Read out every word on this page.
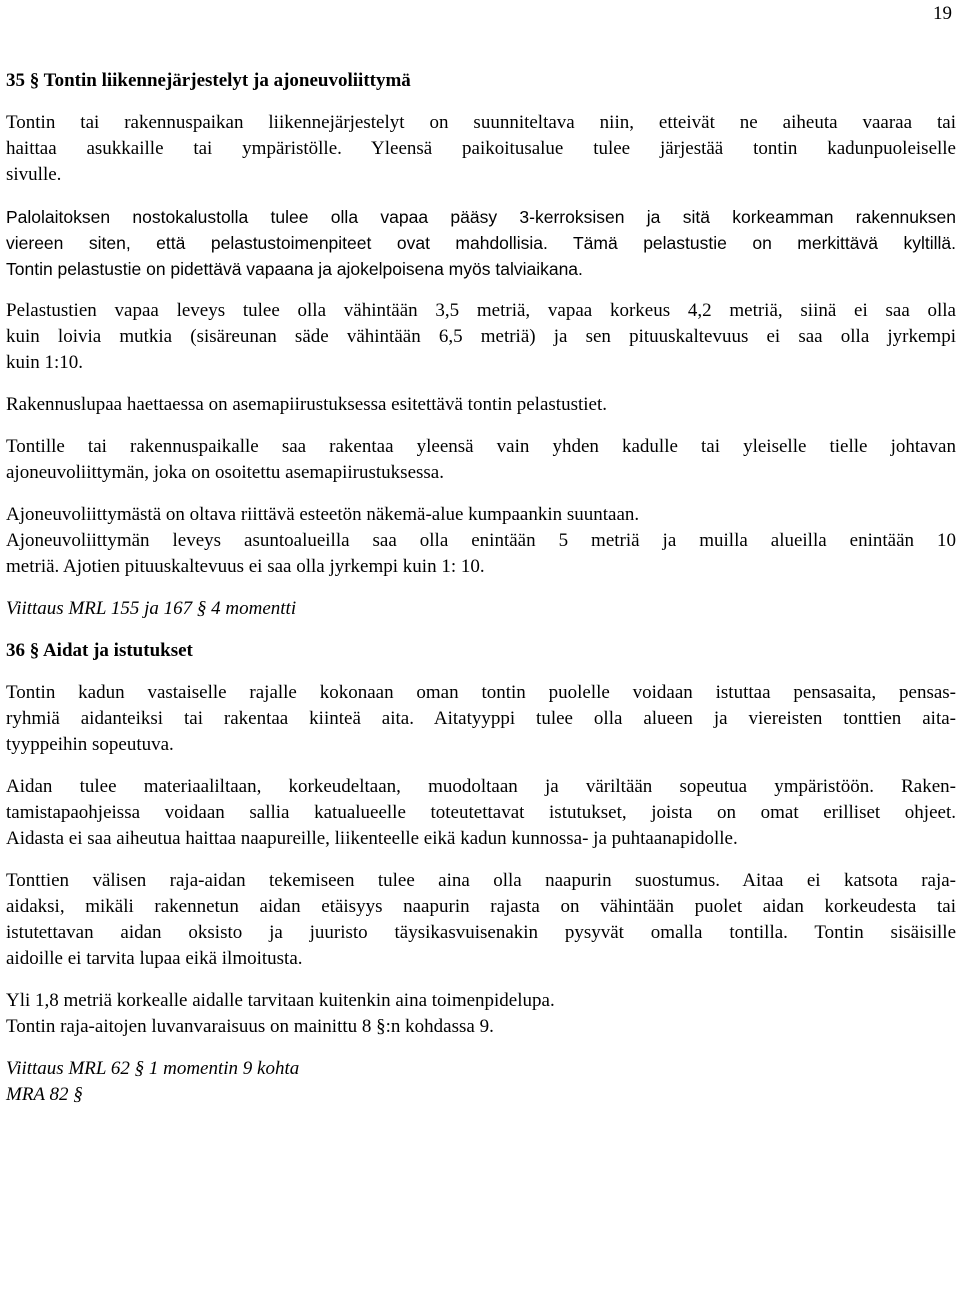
19
35 § Tontin liikennejärjestelyt ja ajoneuvoliittymä

Tontin tai rakennuspaikan liikennejärjestelyt on suunniteltava niin, etteivät ne aiheuta vaaraa tai
haittaa asukkaille tai ympäristölle. Yleensä paikoitusalue tulee järjestää tontin kadunpuoleiselle
sivulle.

Palolaitoksen nostokalustolla tulee olla vapaa pääsy 3-kerroksisen ja sitä korkeamman rakennuksen
viereen siten, että pelastustoimenpiteet ovat mahdollisia. Tämä pelastustie on merkittävä kyltillä.
Tontin pelastustie on pidettävä vapaana ja ajokelpoisena myös talviaikana.

Pelastustien vapaa leveys tulee olla vähintään 3,5 metriä, vapaa korkeus 4,2 metriä, siinä ei saa olla
kuin loivia mutkia (sisäreunan säde vähintään 6,5 metriä) ja sen pituuskaltevuus ei saa olla jyrkempi
kuin 1:10.

Rakennuslupaa haettaessa on asemapiirustuksessa esitettävä tontin pelastustiet.

Tontille tai rakennuspaikalle saa rakentaa yleensä vain yhden kadulle tai yleiselle tielle johtavan
ajoneuvoliittymän, joka on osoitettu asemapiirustuksessa.

Ajoneuvoliittymästä on oltava riittävä esteetön näkemä-alue kumpaankin suuntaan.
Ajoneuvoliittymän leveys asuntoalueilla saa olla enintään 5 metriä ja muilla alueilla enintään 10
metriä. Ajotien pituuskaltevuus ei saa olla jyrkempi kuin 1: 10.

Viittaus MRL 155 ja 167 § 4 momentti

36 § Aidat ja istutukset

Tontin kadun vastaiselle rajalle kokonaan oman tontin puolelle voidaan istuttaa pensasaita, pensas-
ryhmiä aidanteiksi tai rakentaa kiinteä aita. Aitatyyppi tulee olla alueen ja viereisten tonttien aita-
tyyppeihin sopeutuva.

Aidan tulee materiaaliltaan, korkeudeltaan, muodoltaan ja väriltään sopeutua ympäristöön. Raken-
tamistapaohjeissa voidaan sallia katualueelle toteutettavat istutukset, joista on omat erilliset ohjeet.
Aidasta ei saa aiheutua haittaa naapureille, liikenteelle eikä kadun kunnossa- ja puhtaanapidolle.

Tonttien välisen raja-aidan tekemiseen tulee aina olla naapurin suostumus. Aitaa ei katsota raja-
aidaksi, mikäli rakennetun aidan etäisyys naapurin rajasta on vähintään puolet aidan korkeudesta tai
istutettavan aidan oksisto ja juuristo täysikasvuisenakin pysyvät omalla tontilla. Tontin sisäisille
aidoille ei tarvita lupaa eikä ilmoitusta.

Yli 1,8 metriä korkealle aidalle tarvitaan kuitenkin aina toimenpidelupa.
Tontin raja-aitojen luvanvaraisuus on mainittu 8 §:n kohdassa 9.

Viittaus MRL 62 § 1 momentin 9 kohta
MRA 82 §
